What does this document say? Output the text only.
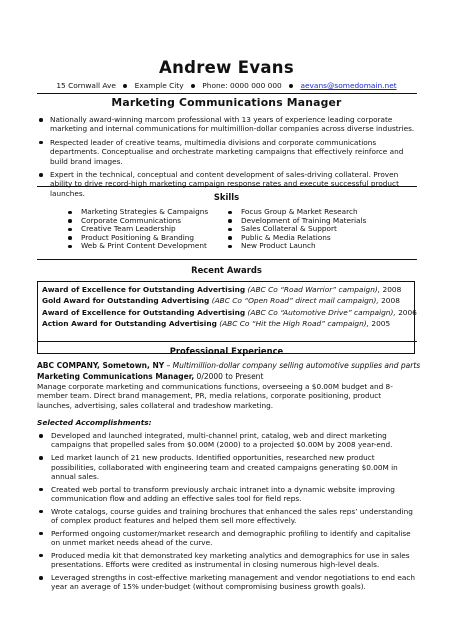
Andrew Evans
15 Cornwall Ave	Example City	Phone: 0000 000 000	aevans@somedomain.net
Marketing Communications Manager
Nationally award-winning marcom professional with 13 years of experience leading corporate marketing and internal communications for multimillion-dollar companies across diverse industries.
Respected leader of creative teams, multimedia divisions and corporate communications departments. Conceptualise and orchestrate marketing campaigns that effectively reinforce and build brand images.
Expert in the technical, conceptual and content development of sales-driving collateral. Proven ability to drive record-high marketing campaign response rates and execute successful product launches.	Skills
Marketing Strategies & Campaigns
Corporate Communications
Creative Team Leadership
Product Positioning & Branding
Web & Print Content Development
Focus Group & Market Research
Development of Training Materials
Sales Collateral & Support
Public & Media Relations
New Product Launch
Recent Awards
Award of Excellence for Outstanding Advertising (ABC Co “Road Warrior” campaign), 2008
Gold Award for Outstanding Advertising (ABC Co “Open Road” direct mail campaign), 2008
Award of Excellence for Outstanding Advertising (ABC Co “Automotive Drive” campaign), 2006
Action Award for Outstanding Advertising (ABC Co “Hit the High Road” campaign), 2005
Professional Experience
ABC COMPANY, Sometown, NY – Multimillion-dollar company selling automotive supplies and parts
Marketing Communications Manager, 0/2000 to Present
Manage corporate marketing and communications functions, overseeing a $0.00M budget and 8-member team. Direct brand management, PR, media relations, corporate positioning, product launches, advertising, sales collateral and tradeshow marketing.
Selected Accomplishments:
Developed and launched integrated, multi-channel print, catalog, web and direct marketing campaigns that propelled sales from $0.00M (2000) to a projected $0.00M by 2008 year-end.
Led market launch of 21 new products. Identified opportunities, researched new product possibilities, collaborated with engineering team and created campaigns generating $0.00M in annual sales.
Created web portal to transform previously archaic intranet into a dynamic website improving communication flow and adding an effective sales tool for field reps.
Wrote catalogs, course guides and training brochures that enhanced the sales reps’ understanding of complex product features and helped them sell more effectively.
Performed ongoing customer/market research and demographic profiling to identify and capitalise on unmet market needs ahead of the curve.
Produced media kit that demonstrated key marketing analytics and demographics for use in sales presentations. Efforts were credited as instrumental in closing numerous high-level deals.
Leveraged strengths in cost-effective marketing management and vendor negotiations to end each year an average of 15% under-budget (without compromising business growth goals).
